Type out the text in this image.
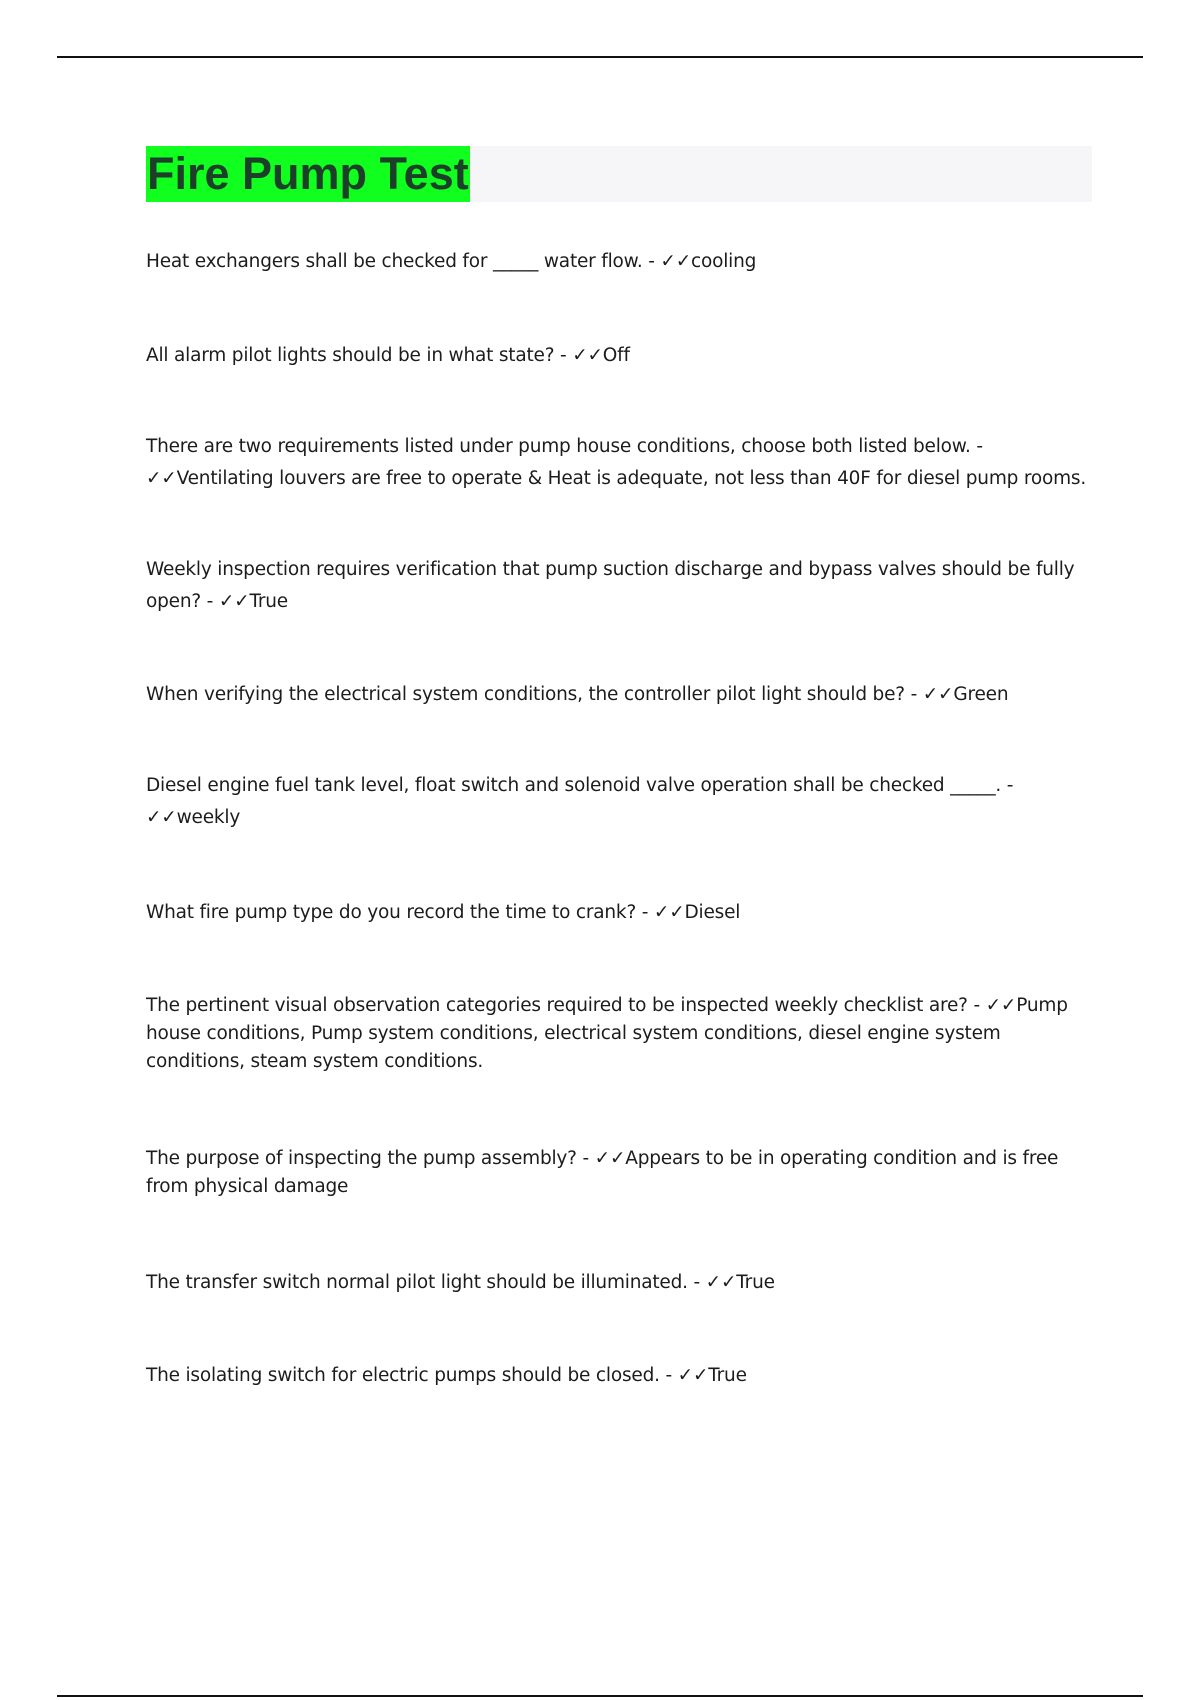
Fire Pump Test
Heat exchangers shall be checked for _____ water flow. - ✓✓cooling
All alarm pilot lights should be in what state? - ✓✓Off
There are two requirements listed under pump house conditions, choose both listed below. - ✓✓Ventilating louvers are free to operate & Heat is adequate, not less than 40F for diesel pump rooms.
Weekly inspection requires verification that pump suction discharge and bypass valves should be fully open? - ✓✓True
When verifying the electrical system conditions, the controller pilot light should be? - ✓✓Green
Diesel engine fuel tank level, float switch and solenoid valve operation shall be checked _____. - ✓✓weekly
What fire pump type do you record the time to crank? - ✓✓Diesel
The pertinent visual observation categories required to be inspected weekly checklist are? - ✓✓Pump house conditions, Pump system conditions, electrical system conditions, diesel engine system conditions, steam system conditions.
The purpose of inspecting the pump assembly? - ✓✓Appears to be in operating condition and is free from physical damage
The transfer switch normal pilot light should be illuminated. - ✓✓True
The isolating switch for electric pumps should be closed. - ✓✓True
